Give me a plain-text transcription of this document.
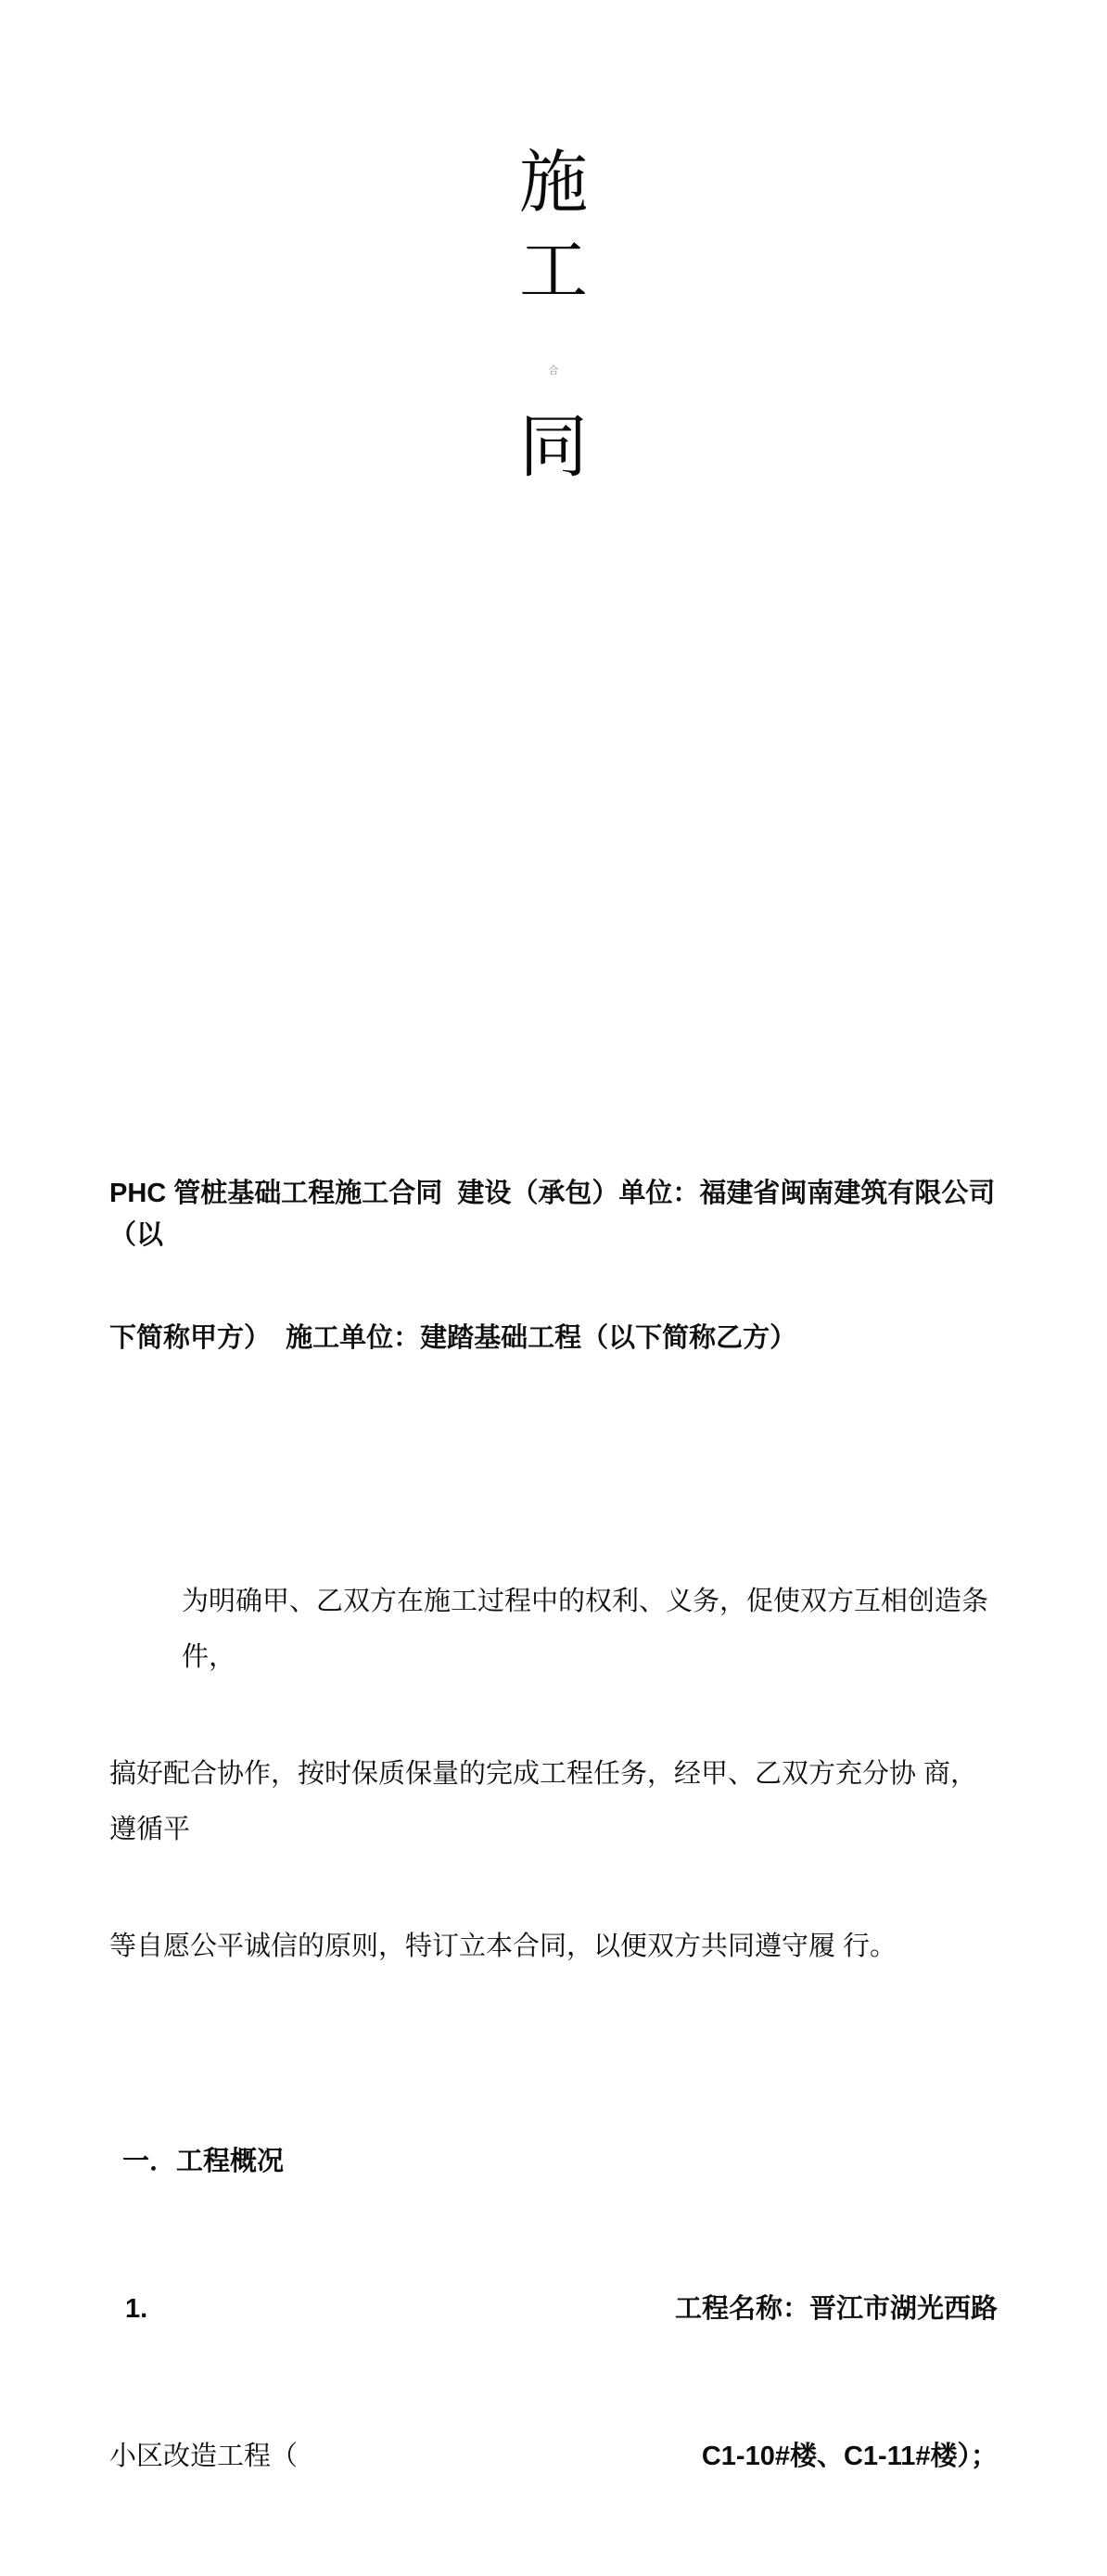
施
工
合
同

PHC 管桩基础工程施工合同  建设（承包）单位：福建省闽南建筑有限公司（以

下简称甲方）  施工单位：建踏基础工程（以下简称乙方）

为明确甲、乙双方在施工过程中的权利、义务，促使双方互相创造条 件，

搞好配合协作，按时保质保量的完成工程任务，经甲、乙双方充分协 商，遵循平

等自愿公平诚信的原则，特订立本合同，以便双方共同遵守履 行。

一．工程概况

1.	工程名称：晋江市湖光西路

小区改造工程（	C1-10#楼、C1-11#楼）；
